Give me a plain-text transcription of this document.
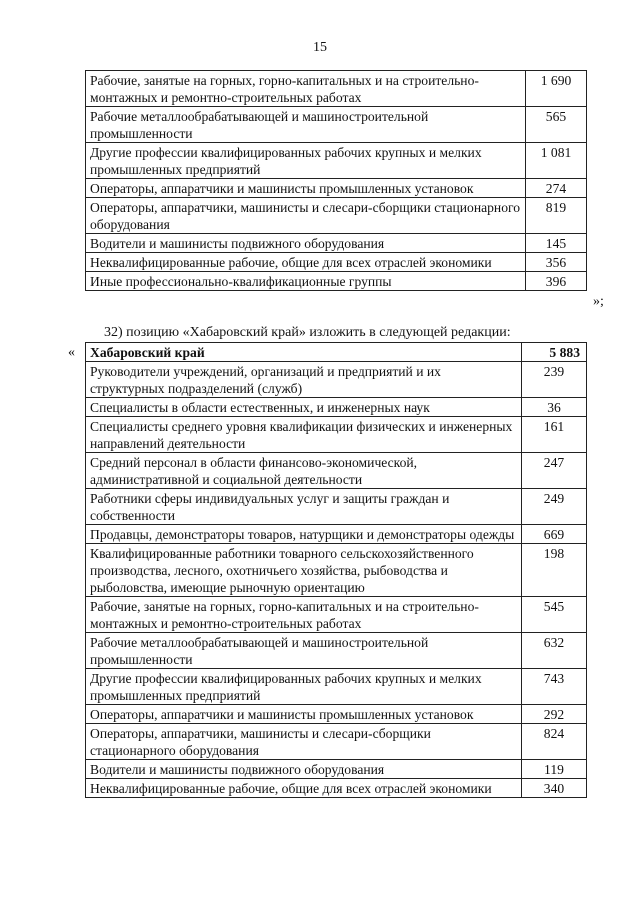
15
Рабочие, занятые на горных, горно-капитальных и на строительно-монтажных и ремонтно-строительных работах	1 690
Рабочие металлообрабатывающей и машиностроительной промышленности	565
Другие профессии квалифицированных рабочих крупных и мелких промышленных предприятий	1 081
Операторы, аппаратчики и машинисты промышленных установок	274
Операторы, аппаратчики, машинисты и слесари-сборщики стационарного оборудования	819
Водители и машинисты подвижного оборудования	145
Неквалифицированные рабочие, общие для всех отраслей экономики	356
Иные профессионально-квалификационные группы	396
»;
32) позицию «Хабаровский край» изложить в следующей редакции:
« Хабаровский край	5 883
Руководители учреждений, организаций и предприятий и их структурных подразделений (служб)	239
Специалисты в области естественных, и инженерных наук	36
Специалисты среднего уровня квалификации физических и инженерных направлений деятельности	161
Средний персонал в области финансово-экономической, административной и социальной деятельности	247
Работники сферы индивидуальных услуг и защиты граждан и собственности	249
Продавцы, демонстраторы товаров, натурщики и демонстраторы одежды	669
Квалифицированные работники товарного сельскохозяйственного производства, лесного, охотничьего хозяйства, рыбоводства и рыболовства, имеющие рыночную ориентацию	198
Рабочие, занятые на горных, горно-капитальных и на строительно-монтажных и ремонтно-строительных работах	545
Рабочие металлообрабатывающей и машиностроительной промышленности	632
Другие профессии квалифицированных рабочих крупных и мелких промышленных предприятий	743
Операторы, аппаратчики и машинисты промышленных установок	292
Операторы, аппаратчики, машинисты и слесари-сборщики стационарного оборудования	824
Водители и машинисты подвижного оборудования	119
Неквалифицированные рабочие, общие для всех отраслей экономики	340
